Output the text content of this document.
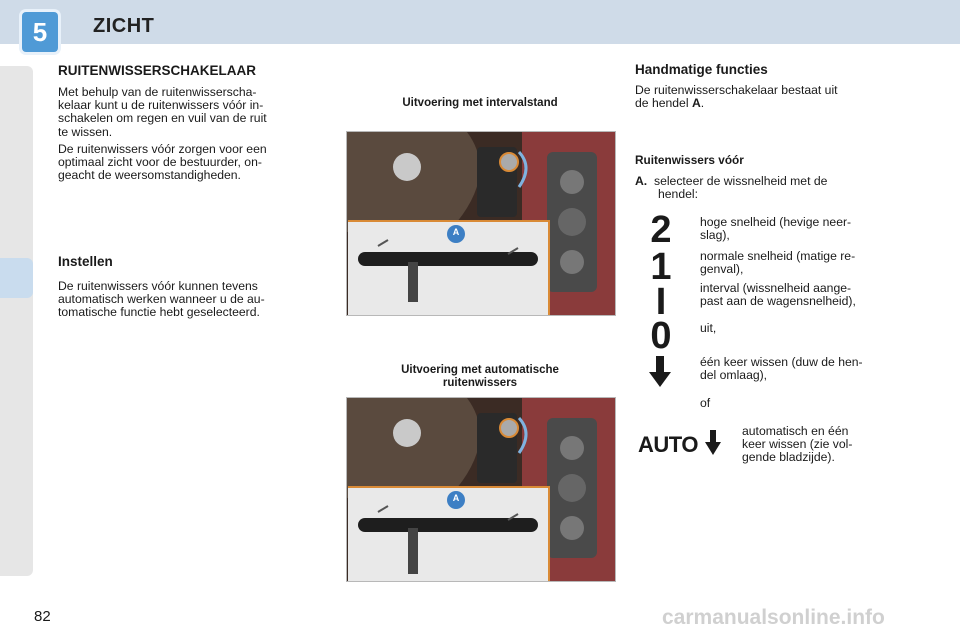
5	ZICHT
RUITENWISSERSCHAKELAAR
Met behulp van de ruitenwisserscha-
kelaar kunt u de ruitenwissers vóór in-
schakelen om regen en vuil van de ruit
te wissen.
De ruitenwissers vóór zorgen voor een
optimaal zicht voor de bestuurder, on-
geacht de weersomstandigheden.
Instellen
De ruitenwissers vóór kunnen tevens
automatisch werken wanneer u de au-
tomatische functie hebt geselecteerd.
Uitvoering met intervalstand
A
Uitvoering met automatische
ruitenwissers
A
Handmatige functies
De ruitenwisserschakelaar bestaat uit
de hendel A.
Ruitenwissers vóór
A. selecteer de wissnelheid met de
hendel:
2
1
I
0
hoge snelheid (hevige neer-
slag),
normale snelheid (matige re-
genval),
interval (wissnelheid aange-
past aan de wagensnelheid),
uit,
één keer wissen (duw de hen-
del omlaag),
of
AUTO
automatisch en één
keer wissen (zie vol-
gende bladzijde).
82	carmanualsonline.info
